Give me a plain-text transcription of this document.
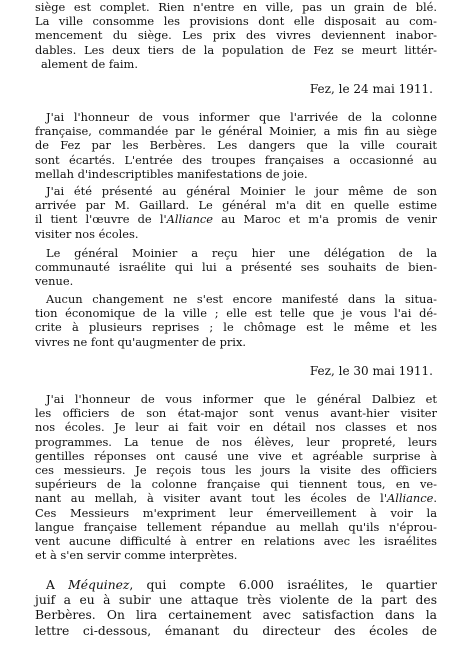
siège est complet. Rien n'entre en ville, pas un grain de blé.
La ville consomme les provisions dont elle disposait au com-
mencement du siège. Les prix des vivres deviennent inabor-
dables. Les deux tiers de la population de Fez se meurt littér-
alement de faim.
Fez, le 24 mai 1911.
J'ai l'honneur de vous informer que l'arrivée de la colonne
française, commandée par le général Moinier, a mis fin au siège
de Fez par les Berbères. Les dangers que la ville courait
sont écartés. L'entrée des troupes françaises a occasionné au
mellah d'indescriptibles manifestations de joie.
J'ai été présenté au général Moinier le jour même de son
arrivée par M. Gaillard. Le général m'a dit en quelle estime
il tient l'œuvre de l'Alliance au Maroc et m'a promis de venir
visiter nos écoles.
Le général Moinier a reçu hier une délégation de la
communauté israélite qui lui a présenté ses souhaits de bien-
venue.
Aucun changement ne s'est encore manifesté dans la situa-
tion économique de la ville ; elle est telle que je vous l'ai dé-
crite à plusieurs reprises ; le chômage est le même et les
vivres ne font qu'augmenter de prix.
Fez, le 30 mai 1911.
J'ai l'honneur de vous informer que le général Dalbiez et
les officiers de son état-major sont venus avant-hier visiter
nos écoles. Je leur ai fait voir en détail nos classes et nos
programmes. La tenue de nos élèves, leur propreté, leurs
gentilles réponses ont causé une vive et agréable surprise à
ces messieurs. Je reçois tous les jours la visite des officiers
supérieurs de la colonne française qui tiennent tous, en ve-
nant au mellah, à visiter avant tout les écoles de l'Alliance.
Ces Messieurs m'expriment leur émerveillement à voir la
langue française tellement répandue au mellah qu'ils n'éprou-
vent aucune difficulté à entrer en relations avec les israélites
et à s'en servir comme interprètes.
A Méquinez, qui compte 6.000 israélites, le quartier
juif a eu à subir une attaque très violente de la part des
Berbères. On lira certainement avec satisfaction dans la
lettre ci-dessous, émanant du directeur des écoles de
